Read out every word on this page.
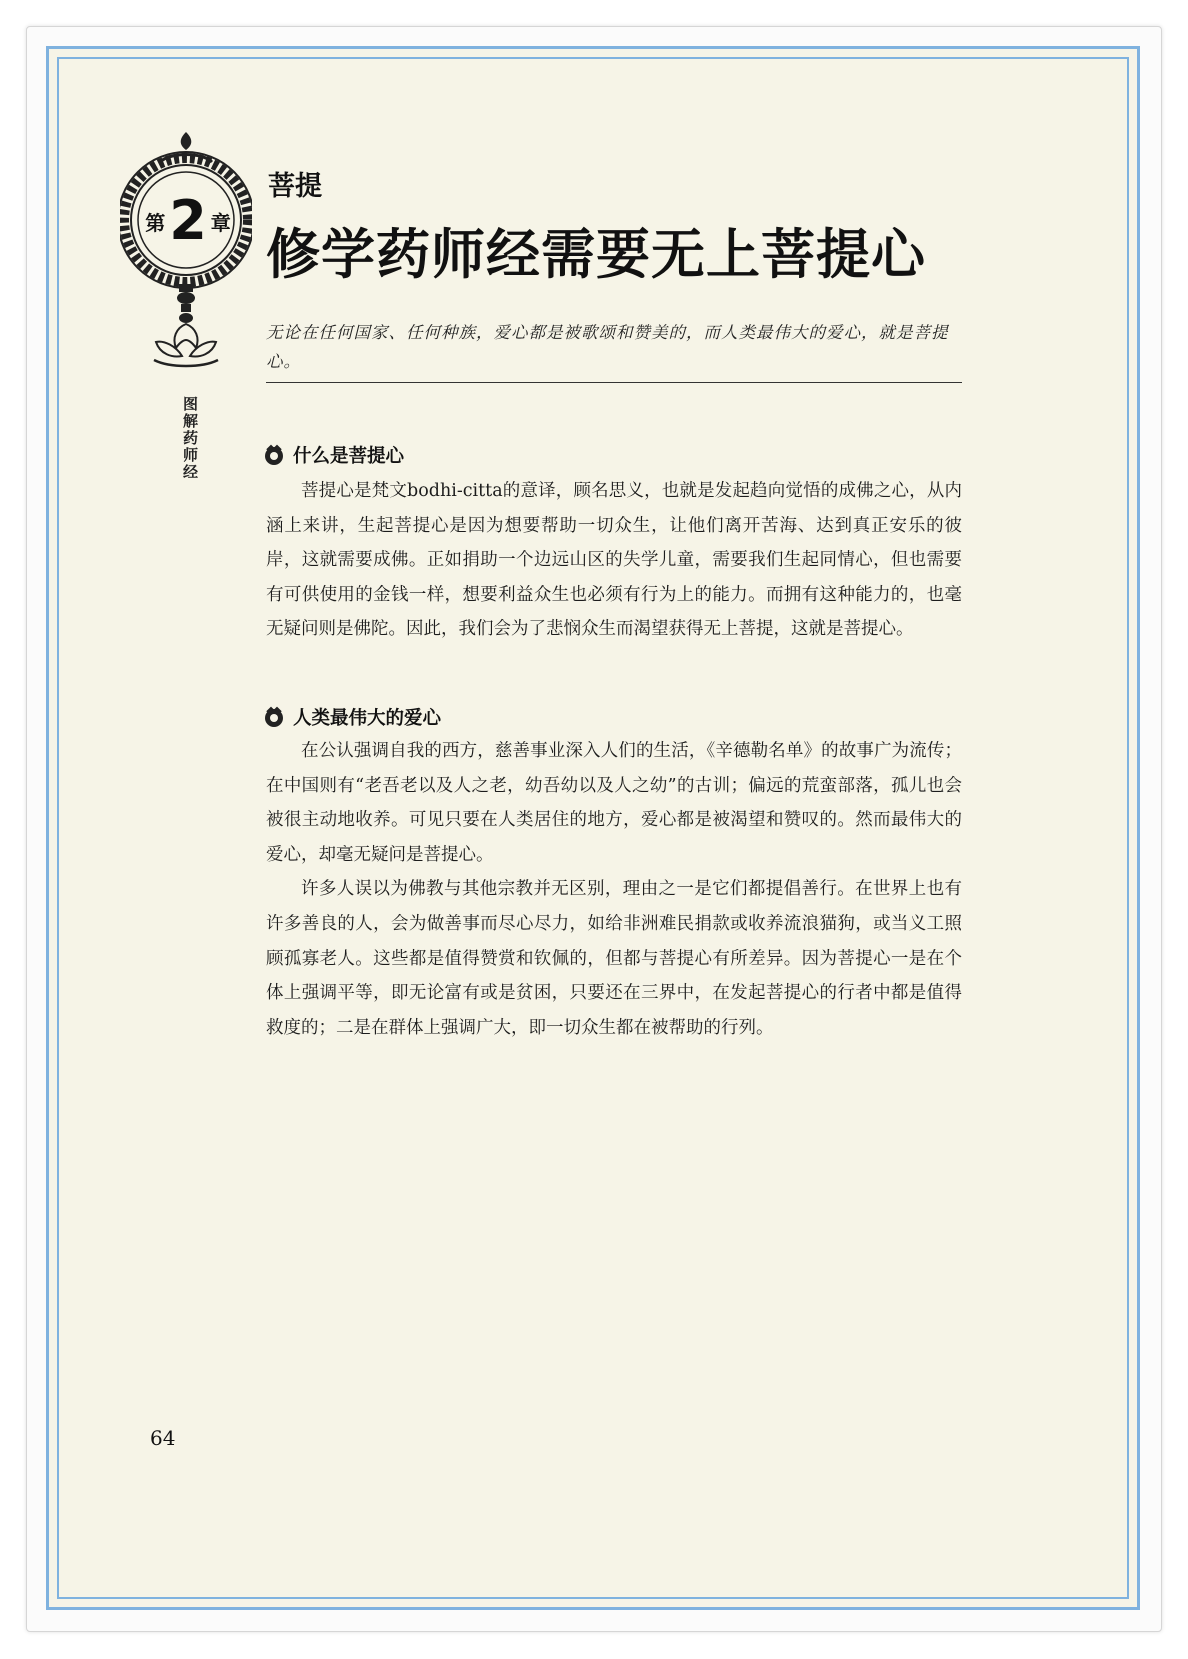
第 2 章
图解药师经
菩提
修学药师经需要无上菩提心
无论在任何国家、任何种族，爱心都是被歌颂和赞美的，而人类最伟大的爱心，就是菩提心。
什么是菩提心

菩提心是梵文bodhi-citta的意译，顾名思义，也就是发起趋向觉悟的成佛之心，从内涵上来讲，生起菩提心是因为想要帮助一切众生，让他们离开苦海、达到真正安乐的彼岸，这就需要成佛。正如捐助一个边远山区的失学儿童，需要我们生起同情心，但也需要有可供使用的金钱一样，想要利益众生也必须有行为上的能力。而拥有这种能力的，也毫无疑问则是佛陀。因此，我们会为了悲悯众生而渴望获得无上菩提，这就是菩提心。

人类最伟大的爱心

在公认强调自我的西方，慈善事业深入人们的生活，《辛德勒名单》的故事广为流传；在中国则有“老吾老以及人之老，幼吾幼以及人之幼”的古训；偏远的荒蛮部落，孤儿也会被很主动地收养。可见只要在人类居住的地方，爱心都是被渴望和赞叹的。然而最伟大的爱心，却毫无疑问是菩提心。

许多人误以为佛教与其他宗教并无区别，理由之一是它们都提倡善行。在世界上也有许多善良的人，会为做善事而尽心尽力，如给非洲难民捐款或收养流浪猫狗，或当义工照顾孤寡老人。这些都是值得赞赏和钦佩的，但都与菩提心有所差异。因为菩提心一是在个体上强调平等，即无论富有或是贫困，只要还在三界中，在发起菩提心的行者中都是值得救度的；二是在群体上强调广大，即一切众生都在被帮助的行列。

64
